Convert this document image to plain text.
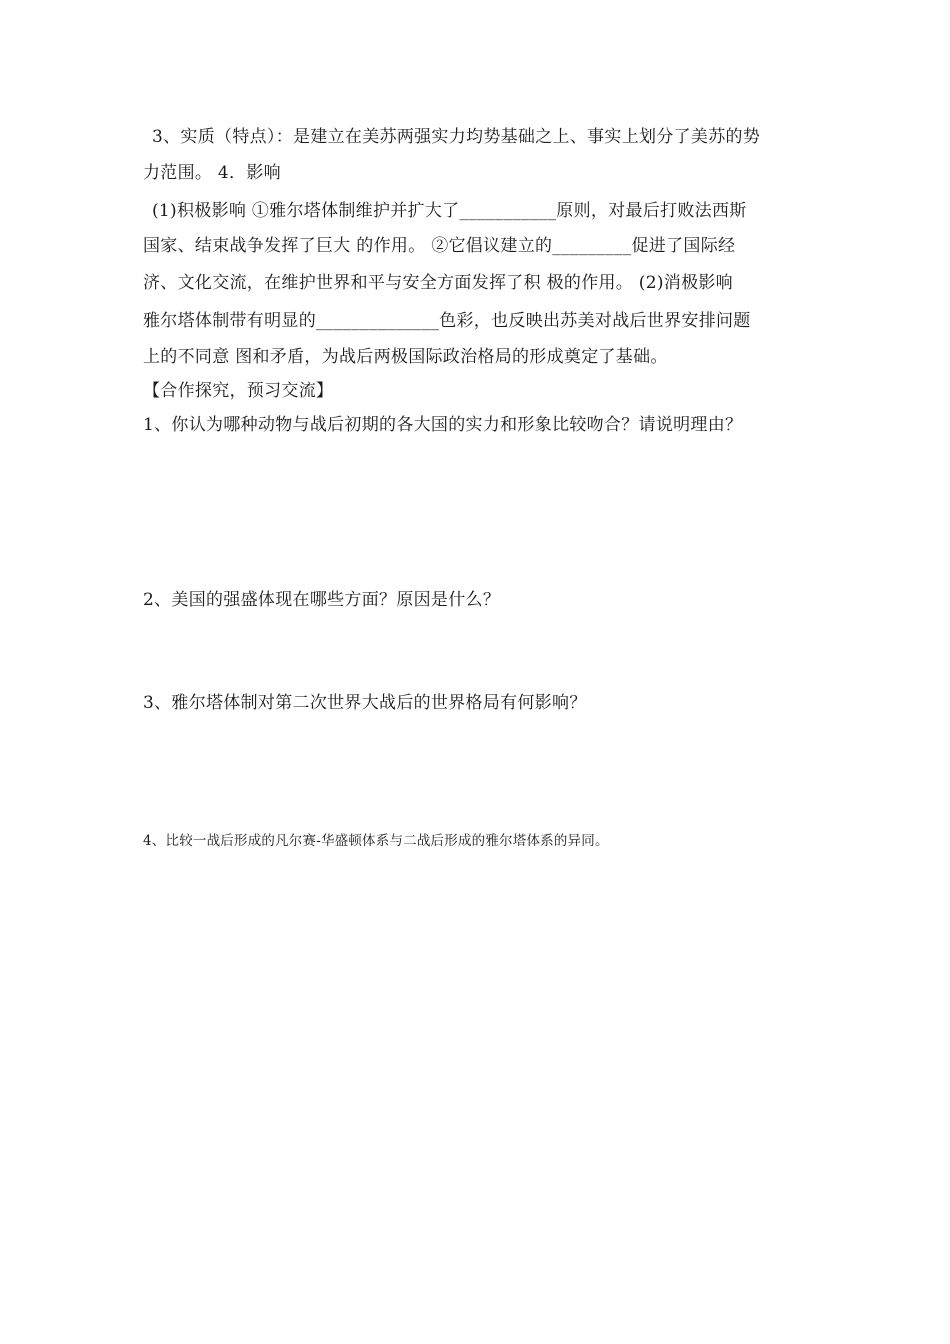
3、实质（特点）：是建立在美苏两强实力均势基础之上、事实上划分了美苏的势
力范围。 4．影响
(1)积极影响 ①雅尔塔体制维护并扩大了___________原则，对最后打败法西斯
国家、结束战争发挥了巨大 的作用。 ②它倡议建立的_________促进了国际经
济、文化交流，在维护世界和平与安全方面发挥了积 极的作用。 (2)消极影响
雅尔塔体制带有明显的______________色彩，也反映出苏美对战后世界安排问题
上的不同意 图和矛盾，为战后两极国际政治格局的形成奠定了基础。
【合作探究，预习交流】
1、你认为哪种动物与战后初期的各大国的实力和形象比较吻合？请说明理由？
2、美国的强盛体现在哪些方面？原因是什么？
3、雅尔塔体制对第二次世界大战后的世界格局有何影响？
4、比较一战后形成的凡尔赛-华盛顿体系与二战后形成的雅尔塔体系的异同。
